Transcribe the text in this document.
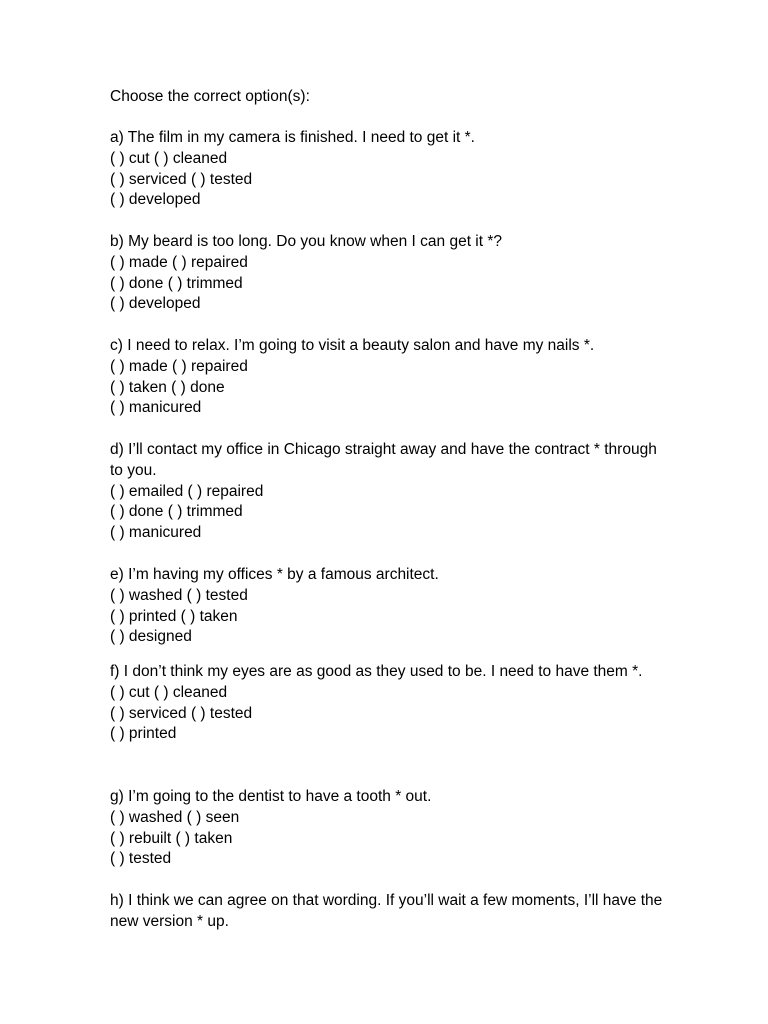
Choose the correct option(s):
a) The film in my camera is finished. I need to get it *.
( ) cut ( ) cleaned
( ) serviced ( ) tested
( ) developed
b) My beard is too long. Do you know when I can get it *?
( ) made ( ) repaired
( ) done ( ) trimmed
( ) developed
c) I need to relax. I’m going to visit a beauty salon and have my nails *.
( ) made ( ) repaired
( ) taken ( ) done
( ) manicured
d) I’ll contact my office in Chicago straight away and have the contract * through to you.
( ) emailed ( ) repaired
( ) done ( ) trimmed
( ) manicured
e) I’m having my offices * by a famous architect.
( ) washed ( ) tested
( ) printed ( ) taken
( ) designed
f) I don’t think my eyes are as good as they used to be. I need to have them *.
( ) cut ( ) cleaned
( ) serviced ( ) tested
( ) printed
g) I’m going to the dentist to have a tooth * out.
( ) washed ( ) seen
( ) rebuilt ( ) taken
( ) tested
h) I think we can agree on that wording. If you’ll wait a few moments, I’ll have the new version * up.
